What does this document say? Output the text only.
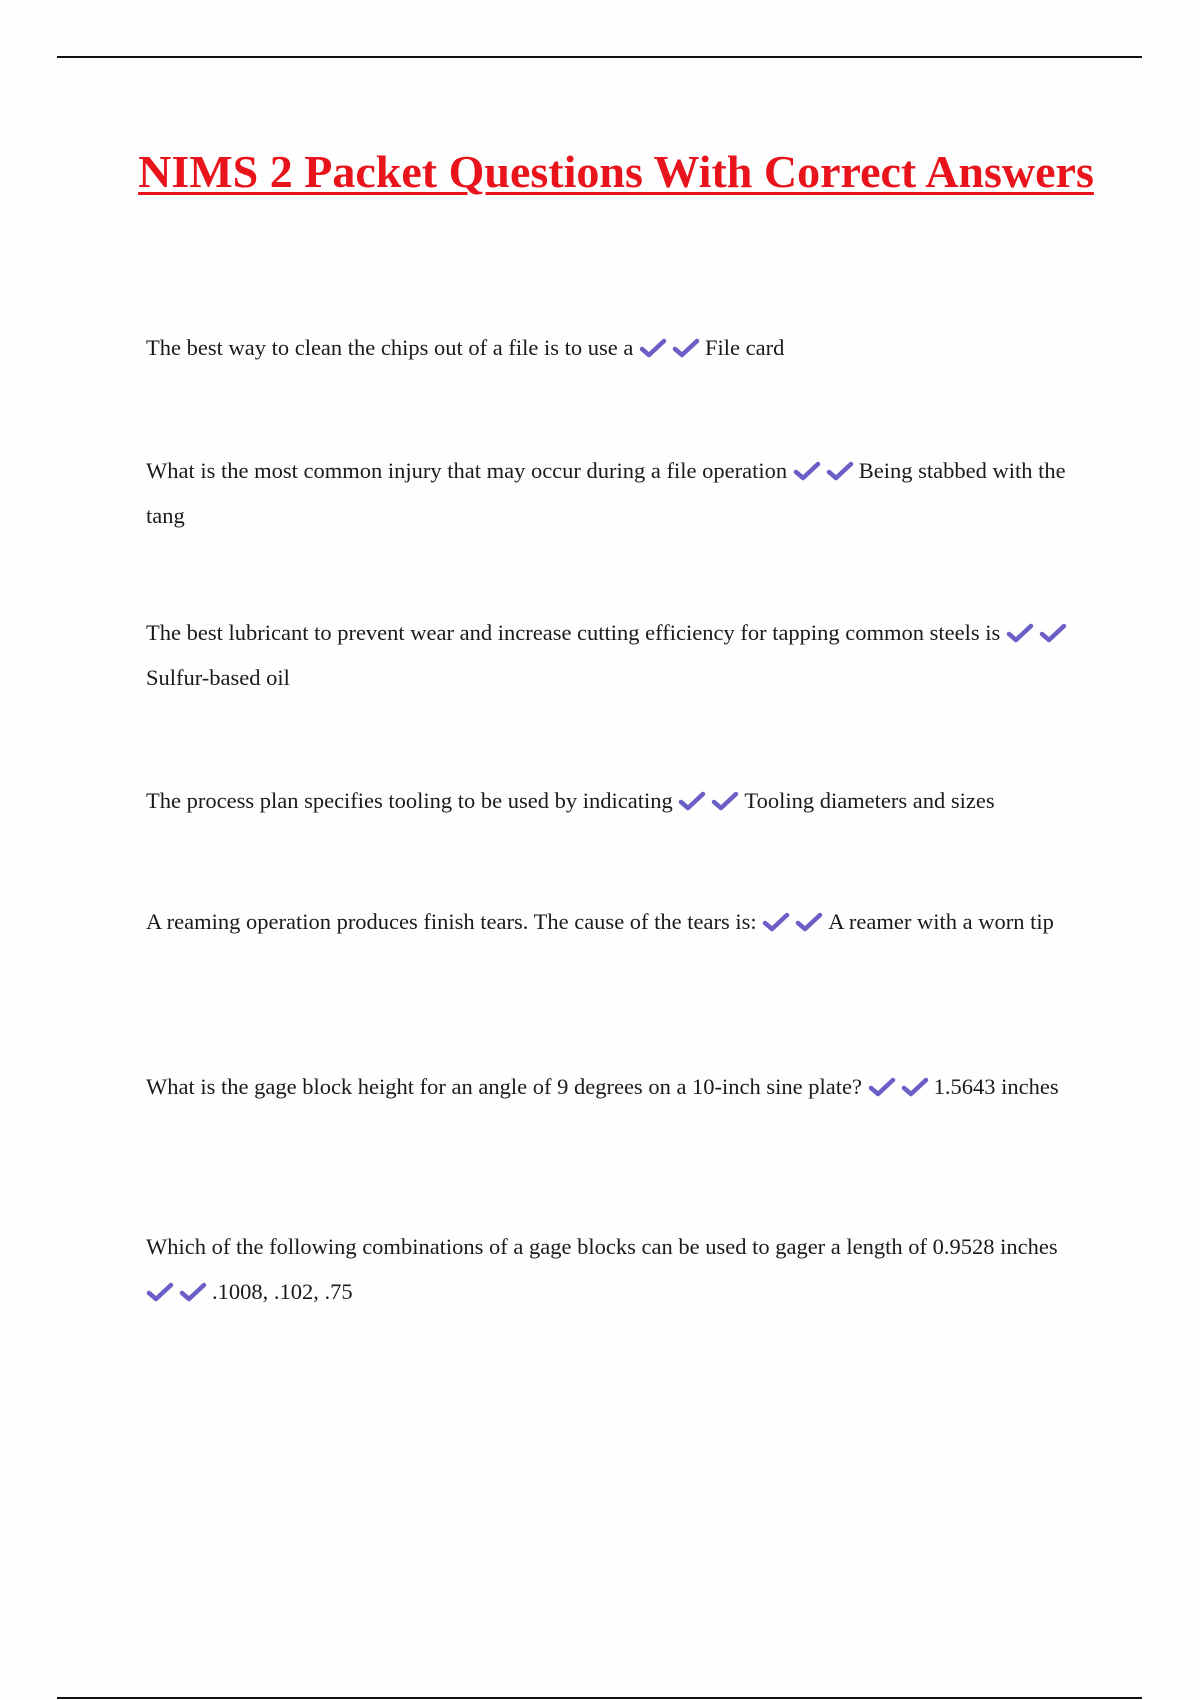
NIMS 2 Packet Questions With Correct Answers

The best way to clean the chips out of a file is to use a	File card

What is the most common injury that may occur during a file operation	Being stabbed with the tang

The best lubricant to prevent wear and increase cutting efficiency for tapping common steels is
Sulfur-based oil

The process plan specifies tooling to be used by indicating	Tooling diameters and sizes

A reaming operation produces finish tears. The cause of the tears is:	A reamer with a worn tip

What is the gage block height for an angle of 9 degrees on a 10-inch sine plate?	1.5643 inches

Which of the following combinations of a gage blocks can be used to gager a length of 0.9528 inches
.1008, .102, .75
